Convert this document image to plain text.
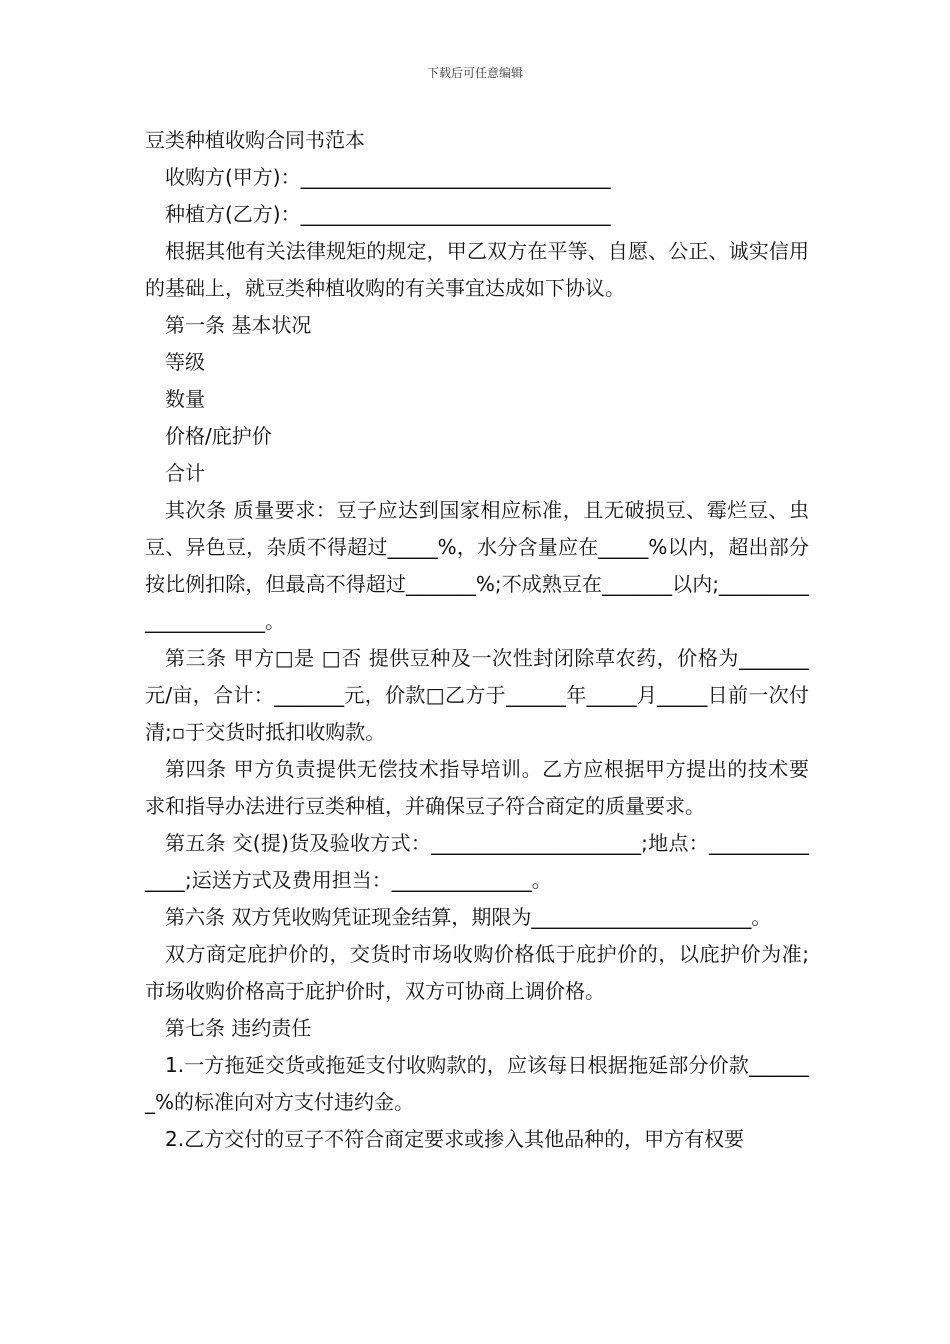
下载后可任意编辑

豆类种植收购合同书范本

收购方(甲方)：_______________________________

种植方(乙方)：_______________________________

根据其他有关法律规矩的规定，甲乙双方在平等、自愿、公正、诚实信用的基础上，就豆类种植收购的有关事宜达成如下协议。

第一条 基本状况

等级

数量

价格/庇护价

合计

其次条 质量要求：豆子应达到国家相应标准，且无破损豆、霉烂豆、虫豆、异色豆，杂质不得超过_____%，水分含量应在_____%以内，超出部分按比例扣除，但最高不得超过_______%;不成熟豆在_______以内;_____________________。

第三条 甲方□是 □否 提供豆种及一次性封闭除草农药，价格为_______元/亩，合计：_______元，价款□乙方于______年_____月_____日前一次付清;▫于交货时抵扣收购款。

第四条 甲方负责提供无偿技术指导培训。乙方应根据甲方提出的技术要求和指导办法进行豆类种植，并确保豆子符合商定的质量要求。

第五条 交(提)货及验收方式：_____________________;地点：______________;运送方式及费用担当：______________。

第六条 双方凭收购凭证现金结算，期限为______________________。

双方商定庇护价的，交货时市场收购价格低于庇护价的，以庇护价为准;市场收购价格高于庇护价时，双方可协商上调价格。

第七条 违约责任

1.一方拖延交货或拖延支付收购款的，应该每日根据拖延部分价款_______%的标准向对方支付违约金。

2.乙方交付的豆子不符合商定要求或掺入其他品种的，甲方有权要
